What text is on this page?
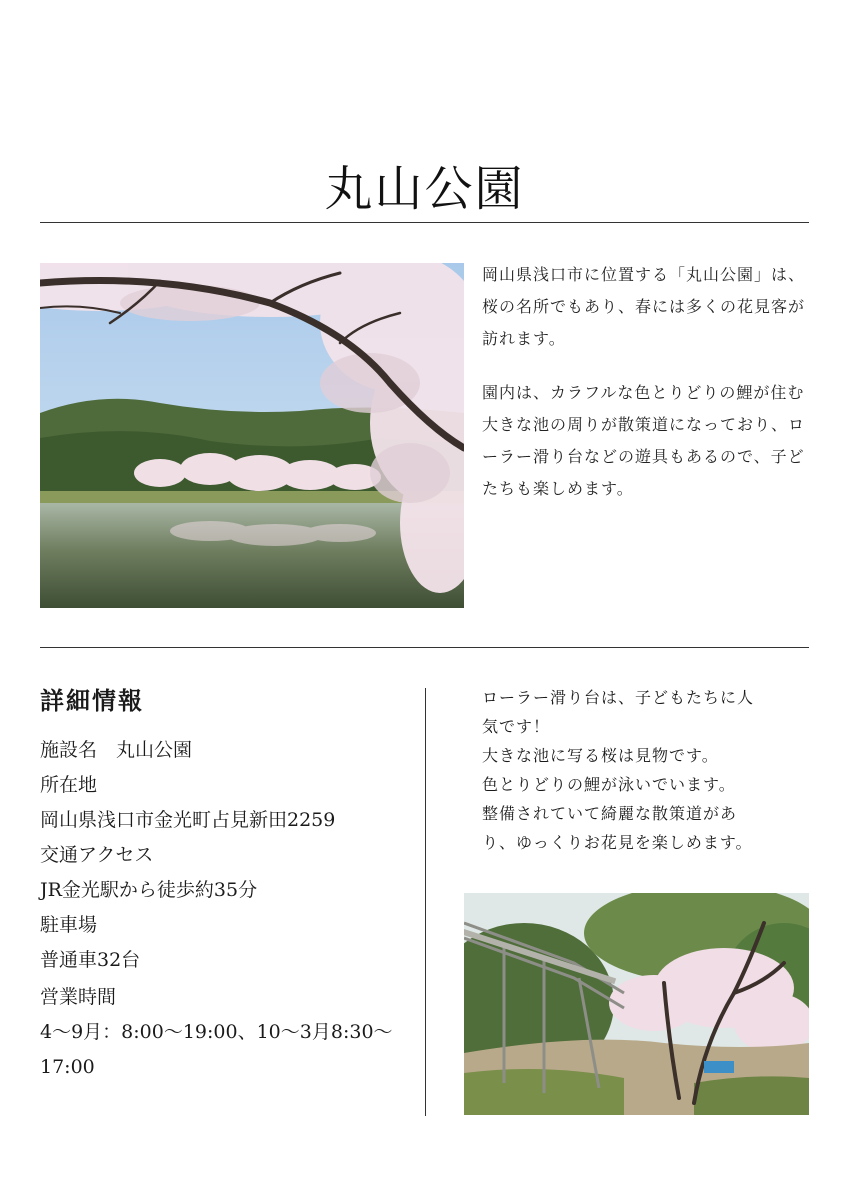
丸山公園
岡山県浅口市に位置する「丸山公園」は、桜の名所でもあり、春には多くの花見客が訪れます。
園内は、カラフルな色とりどりの鯉が住む大きな池の周りが散策道になっており、ローラー滑り台などの遊具もあるので、子どたちも楽しめます。
詳細情報
施設名　丸山公園
所在地
岡山県浅口市金光町占見新田2259
交通アクセス
JR金光駅から徒歩約35分
駐車場
普通車32台
営業時間
4～9月：8:00～19:00、10～3月8:30～
17:00
ローラー滑り台は、子どもたちに人
気です！
大きな池に写る桜は見物です。
色とりどりの鯉が泳いでいます。
整備されていて綺麗な散策道があ
り、ゆっくりお花見を楽しめます。
